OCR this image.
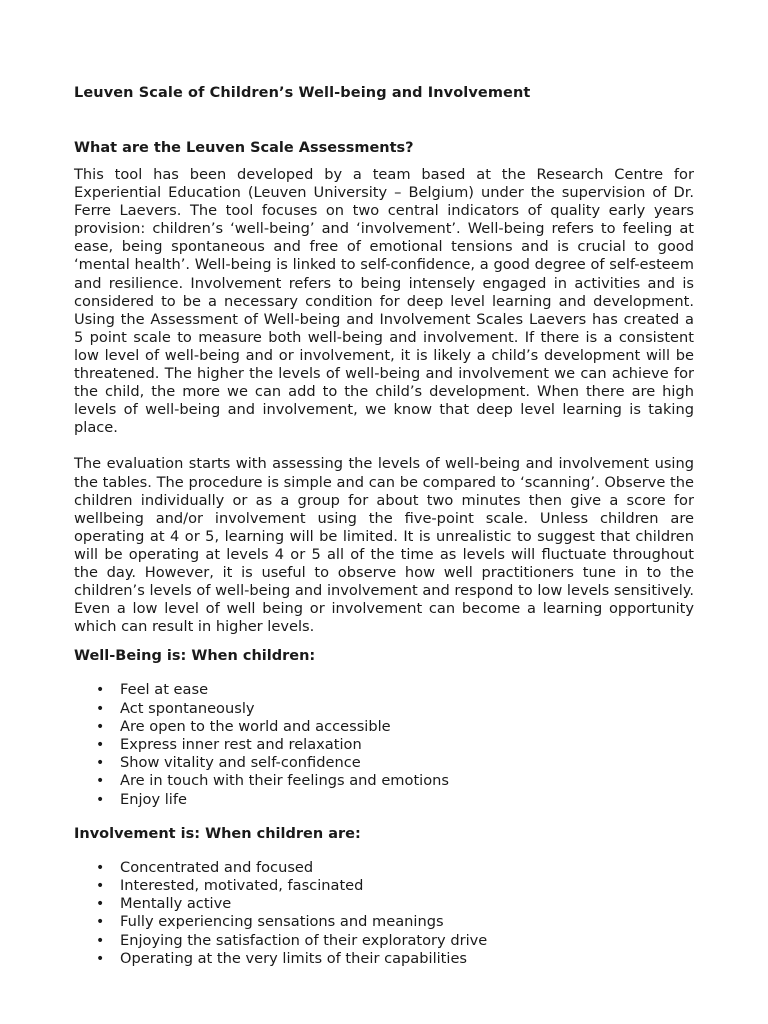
Leuven Scale of Children’s Well-being and Involvement
What are the Leuven Scale Assessments?

This tool has been developed by a team based at the Research Centre for Experiential Education (Leuven University – Belgium) under the supervision of Dr. Ferre Laevers. The tool focuses on two central indicators of quality early years provision: children’s ‘well-being’ and ‘involvement’. Well-being refers to feeling at ease, being spontaneous and free of emotional tensions and is crucial to good ‘mental health’. Well-being is linked to self-confidence, a good degree of self-esteem and resilience. Involvement refers to being intensely engaged in activities and is considered to be a necessary condition for deep level learning and development. Using the Assessment of Well-being and Involvement Scales Laevers has created a 5 point scale to measure both well-being and involvement. If there is a consistent low level of well-being and or involvement, it is likely a child’s development will be threatened. The higher the levels of well-being and involvement we can achieve for the child, the more we can add to the child’s development. When there are high levels of well-being and involvement, we know that deep level learning is taking place.

The evaluation starts with assessing the levels of well-being and involvement using the tables. The procedure is simple and can be compared to ‘scanning’. Observe the children individually or as a group for about two minutes then give a score for wellbeing and/or involvement using the five-point scale. Unless children are operating at 4 or 5, learning will be limited. It is unrealistic to suggest that children will be operating at levels 4 or 5 all of the time as levels will fluctuate throughout the day. However, it is useful to observe how well practitioners tune in to the children’s levels of well-being and involvement and respond to low levels sensitively. Even a low level of well being or involvement can become a learning opportunity which can result in higher levels.

Well-Being is: When children:
• Feel at ease
• Act spontaneously
• Are open to the world and accessible
• Express inner rest and relaxation
• Show vitality and self-confidence
• Are in touch with their feelings and emotions
• Enjoy life
Involvement is: When children are:
• Concentrated and focused
• Interested, motivated, fascinated
• Mentally active
• Fully experiencing sensations and meanings
• Enjoying the satisfaction of their exploratory drive
• Operating at the very limits of their capabilities
